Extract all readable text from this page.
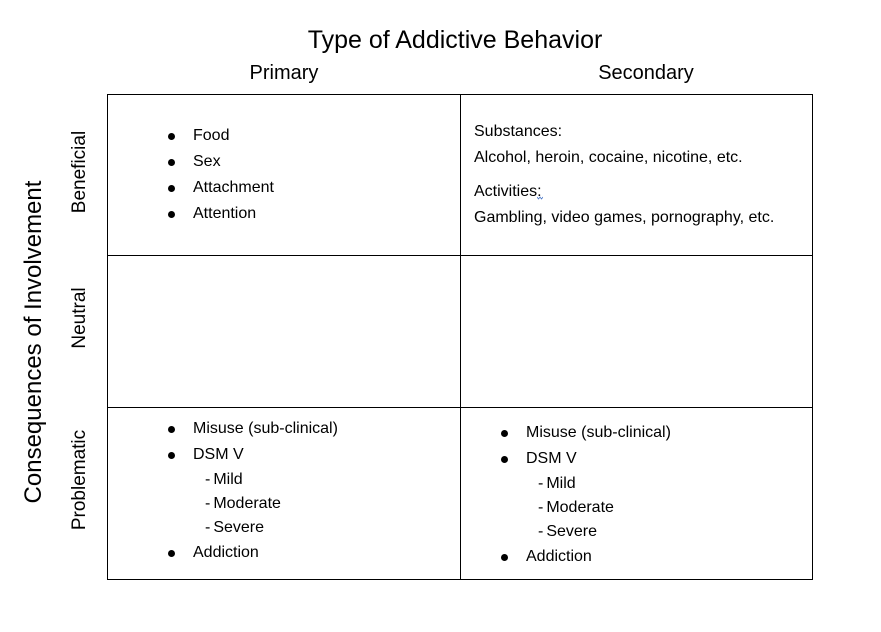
Type of Addictive Behavior
Primary	Secondary
Consequences of Involvement
Beneficial
Neutral
Problematic
Food
Sex
Attachment
Attention
Substances:
Alcohol, heroin, cocaine, nicotine, etc.
Activities:
Gambling, video games, pornography, etc.
Misuse (sub-clinical)
DSM V
- Mild
- Moderate
- Severe
Addiction
Misuse (sub-clinical)
DSM V
- Mild
- Moderate
- Severe
Addiction
